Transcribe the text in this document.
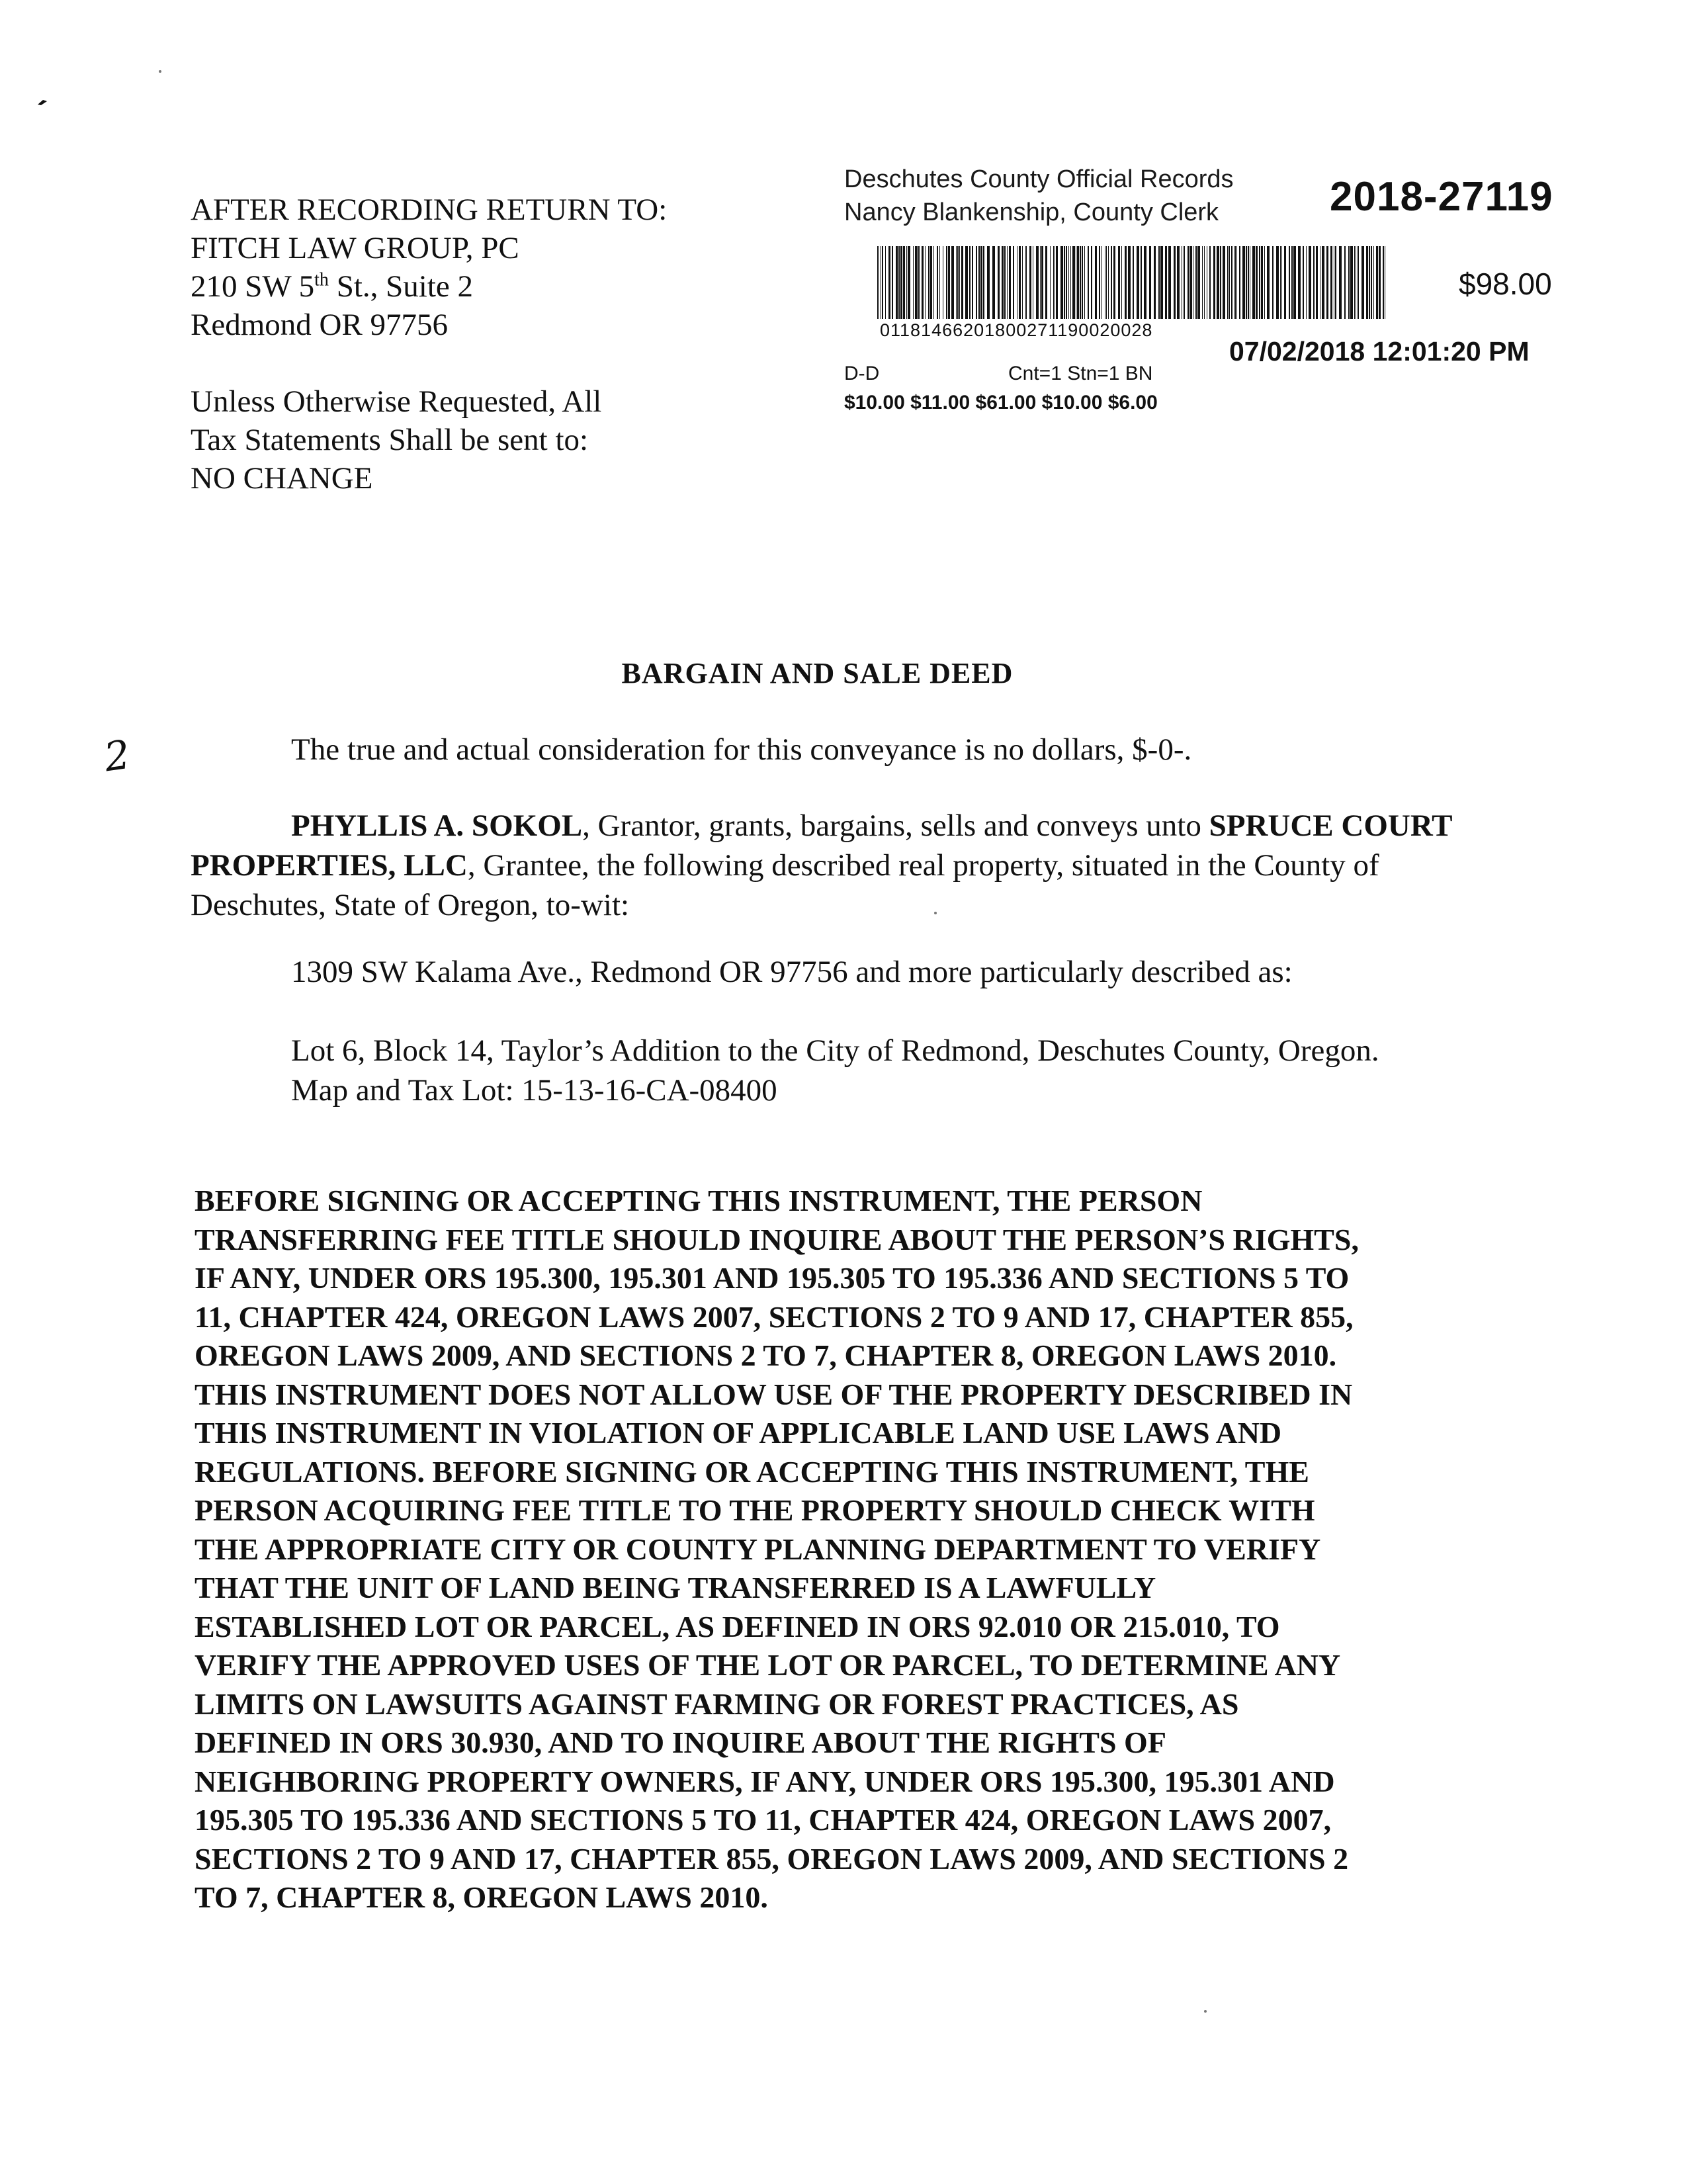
AFTER RECORDING RETURN TO:
FITCH LAW GROUP, PC
210 SW 5th St., Suite 2
Redmond OR 97756
Unless Otherwise Requested, All
Tax Statements Shall be sent to:
NO CHANGE
Deschutes County Official Records
Nancy Blankenship, County Clerk	2018-27119
01181466201800271190020028
$98.00
07/02/2018 12:01:20 PM
D-D	Cnt=1 Stn=1 BN
$10.00 $11.00 $61.00 $10.00 $6.00
BARGAIN AND SALE DEED
2	The true and actual consideration for this conveyance is no dollars, $-0-.
PHYLLIS A. SOKOL, Grantor, grants, bargains, sells and conveys unto SPRUCE COURT PROPERTIES, LLC, Grantee, the following described real property, situated in the County of Deschutes, State of Oregon, to-wit:
1309 SW Kalama Ave., Redmond OR 97756 and more particularly described as:
Lot 6, Block 14, Taylor’s Addition to the City of Redmond, Deschutes County, Oregon.
Map and Tax Lot: 15-13-16-CA-08400
BEFORE SIGNING OR ACCEPTING THIS INSTRUMENT, THE PERSON
TRANSFERRING FEE TITLE SHOULD INQUIRE ABOUT THE PERSON’S RIGHTS,
IF ANY, UNDER ORS 195.300, 195.301 AND 195.305 TO 195.336 AND SECTIONS 5 TO
11, CHAPTER 424, OREGON LAWS 2007, SECTIONS 2 TO 9 AND 17, CHAPTER 855,
OREGON LAWS 2009, AND SECTIONS 2 TO 7, CHAPTER 8, OREGON LAWS 2010.
THIS INSTRUMENT DOES NOT ALLOW USE OF THE PROPERTY DESCRIBED IN
THIS INSTRUMENT IN VIOLATION OF APPLICABLE LAND USE LAWS AND
REGULATIONS. BEFORE SIGNING OR ACCEPTING THIS INSTRUMENT, THE
PERSON ACQUIRING FEE TITLE TO THE PROPERTY SHOULD CHECK WITH
THE APPROPRIATE CITY OR COUNTY PLANNING DEPARTMENT TO VERIFY
THAT THE UNIT OF LAND BEING TRANSFERRED IS A LAWFULLY
ESTABLISHED LOT OR PARCEL, AS DEFINED IN ORS 92.010 OR 215.010, TO
VERIFY THE APPROVED USES OF THE LOT OR PARCEL, TO DETERMINE ANY
LIMITS ON LAWSUITS AGAINST FARMING OR FOREST PRACTICES, AS
DEFINED IN ORS 30.930, AND TO INQUIRE ABOUT THE RIGHTS OF
NEIGHBORING PROPERTY OWNERS, IF ANY, UNDER ORS 195.300, 195.301 AND
195.305 TO 195.336 AND SECTIONS 5 TO 11, CHAPTER 424, OREGON LAWS 2007,
SECTIONS 2 TO 9 AND 17, CHAPTER 855, OREGON LAWS 2009, AND SECTIONS 2
TO 7, CHAPTER 8, OREGON LAWS 2010.
